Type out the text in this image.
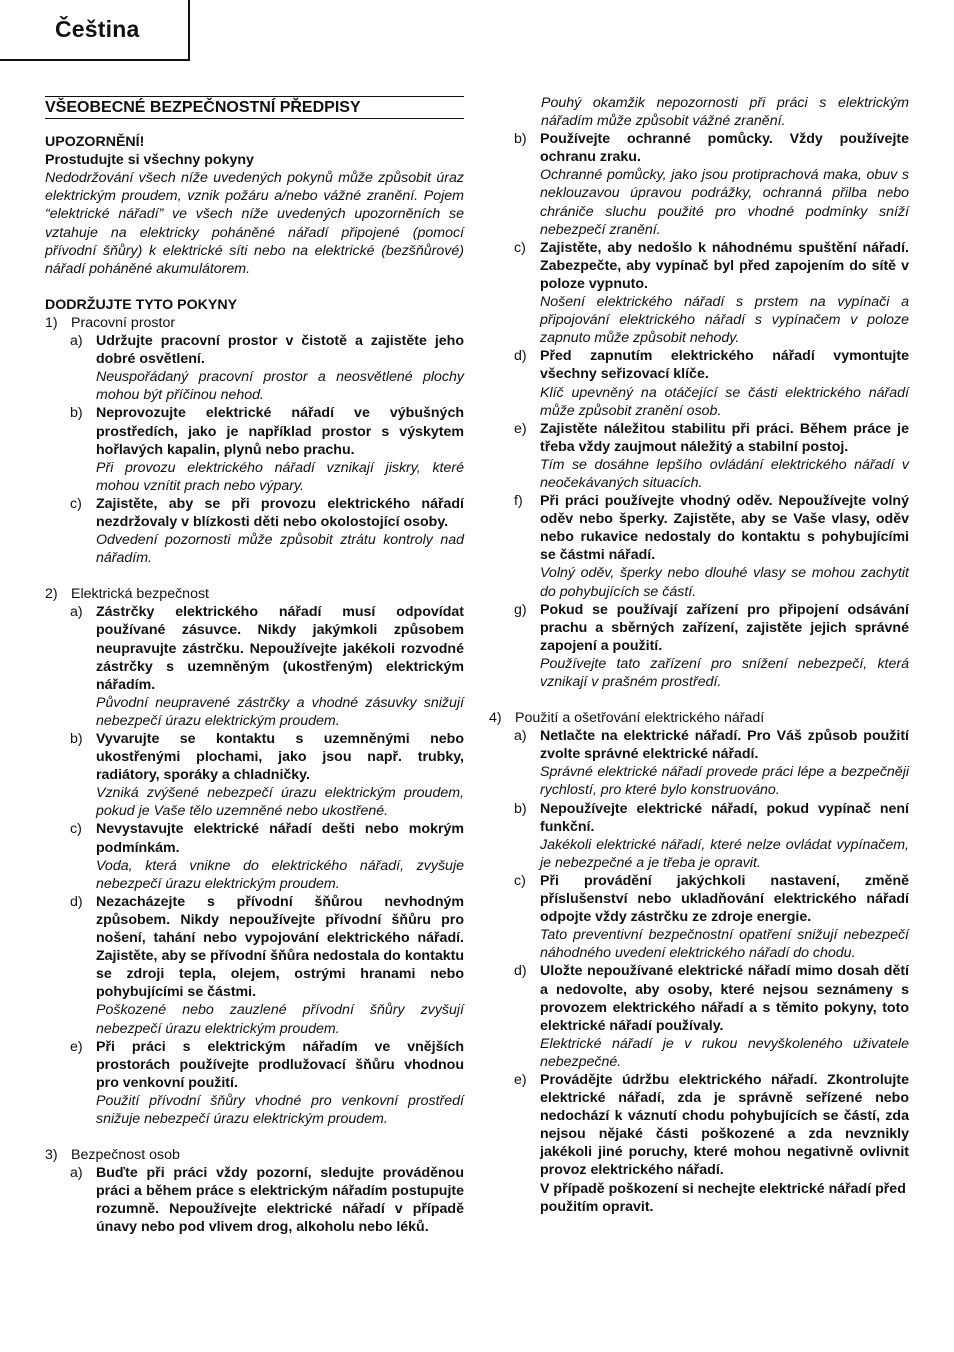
Čeština
VŠEOBECNÉ BEZPEČNOSTNÍ PŘEDPISY
UPOZORNĚNÍ!
Prostudujte si všechny pokyny
Nedodržování všech níže uvedených pokynů může způsobit úraz elektrickým proudem, vznik požáru a/nebo vážné zranění. Pojem “elektrické nářadí” ve všech níže uvedených upozorněních se vztahuje na elektricky poháněné nářadí připojené (pomocí přívodní šňůry) k elektrické síti nebo na elektrické (bezšňůrové) nářadí poháněné akumulátorem.
DODRŽUJTE TYTO POKYNY
1) Pracovní prostor
a) Udržujte pracovní prostor v čistotě a zajistěte jeho dobré osvětlení.
Neuspořádaný pracovní prostor a neosvětlené plochy mohou být příčinou nehod.
b) Neprovozujte elektrické nářadí ve výbušných prostředích, jako je například prostor s výskytem hořlavých kapalin, plynů nebo prachu.
Při provozu elektrického nářadí vznikají jiskry, které mohou vznítit prach nebo výpary.
c) Zajistěte, aby se při provozu elektrického nářadí nezdržovaly v blízkosti děti nebo okolostojící osoby.
Odvedení pozornosti může způsobit ztrátu kontroly nad nářadím.
2) Elektrická bezpečnost
a) Zástrčky elektrického nářadí musí odpovídat používané zásuvce. Nikdy jakýmkoli způsobem neupravujte zástrčku. Nepoužívejte jakékoli rozvodné zástrčky s uzemněným (ukostřeným) elektrickým nářadím.
Původní neupravené zástrčky a vhodné zásuvky snižují nebezpečí úrazu elektrickým proudem.
b) Vyvarujte se kontaktu s uzemněnými nebo ukostřenými plochami, jako jsou např. trubky, radiátory, sporáky a chladničky.
Vzniká zvýšené nebezpečí úrazu elektrickým proudem, pokud je Vaše tělo uzemněné nebo ukostřené.
c) Nevystavujte elektrické nářadí dešti nebo mokrým podmínkám.
Voda, která vnikne do elektrického nářadí, zvyšuje nebezpečí úrazu elektrickým proudem.
d) Nezacházejte s přívodní šňůrou nevhodným způsobem. Nikdy nepoužívejte přívodní šňůru pro nošení, tahání nebo vypojování elektrického nářadí. Zajistěte, aby se přívodní šňůra nedostala do kontaktu se zdroji tepla, olejem, ostrými hranami nebo pohybujícími se částmi.
Poškozené nebo zauzlené přívodní šňůry zvyšují nebezpečí úrazu elektrickým proudem.
e) Při práci s elektrickým nářadím ve vnějších prostorách používejte prodlužovací šňůru vhodnou pro venkovní použití.
Použití přívodní šňůry vhodné pro venkovní prostředí snižuje nebezpečí úrazu elektrickým proudem.
3) Bezpečnost osob
a) Buďte při práci vždy pozorní, sledujte prováděnou práci a během práce s elektrickým nářadím postupujte rozumně. Nepoužívejte elektrické nářadí v případě únavy nebo pod vlivem drog, alkoholu nebo léků.
Pouhý okamžik nepozornosti při práci s elektrickým nářadím může způsobit vážné zranění.
b) Používejte ochranné pomůcky. Vždy používejte ochranu zraku.
Ochranné pomůcky, jako jsou protiprachová maka, obuv s neklouzavou úpravou podrážky, ochranná přilba nebo chrániče sluchu použité pro vhodné podmínky sníží nebezpečí zranění.
c) Zajistěte, aby nedošlo k náhodnému spuštění nářadí. Zabezpečte, aby vypínač byl před zapojením do sítě v poloze vypnuto.
Nošení elektrického nářadí s prstem na vypínači a připojování elektrického nářadí s vypínačem v poloze zapnuto může způsobit nehody.
d) Před zapnutím elektrického nářadí vymontujte všechny seřizovací klíče.
Klíč upevněný na otáčející se části elektrického nářadí může způsobit zranění osob.
e) Zajistěte náležitou stabilitu při práci. Během práce je třeba vždy zaujmout náležitý a stabilní postoj.
Tím se dosáhne lepšího ovládání elektrického nářadí v neočekávaných situacích.
f)	Při práci používejte vhodný oděv. Nepoužívejte volný oděv nebo šperky. Zajistěte, aby se Vaše vlasy, oděv nebo rukavice nedostaly do kontaktu s pohybujícími se částmi nářadí.
Volný oděv, šperky nebo dlouhé vlasy se mohou zachytit do pohybujících se částí.
g) Pokud se používají zařízení pro připojení odsávání prachu a sběrných zařízení, zajistěte jejich správné zapojení a použití.
Používejte tato zařízení pro snížení nebezpečí, která vznikají v prašném prostředí.
4) Použití a ošetřování elektrického nářadí
a) Netlačte na elektrické nářadí. Pro Váš způsob použití zvolte správné elektrické nářadí.
Správné elektrické nářadí provede práci lépe a bezpečněji rychlostí, pro které bylo konstruováno.
b) Nepoužívejte elektrické nářadí, pokud vypínač není funkční.
Jakékoli elektrické nářadí, které nelze ovládat vypínačem, je nebezpečné a je třeba je opravit.
c) Při provádění jakýchkoli nastavení, změně příslušenství nebo ukladňování elektrického nářadí odpojte vždy zástrčku ze zdroje energie.
Tato preventivní bezpečnostní opatření snižují nebezpečí náhodného uvedení elektrického nářadí do chodu.
d) Uložte nepoužívané elektrické nářadí mimo dosah dětí a nedovolte, aby osoby, které nejsou seznámeny s provozem elektrického nářadí a s těmito pokyny, toto elektrické nářadí používaly.
Elektrické nářadí je v rukou nevyškoleného uživatele nebezpečné.
e) Provádějte údržbu elektrického nářadí. Zkontrolujte elektrické nářadí, zda je správně seřízené nebo nedochází k váznutí chodu pohybujících se částí, zda nejsou nějaké části poškozené a zda nevznikly jakékoli jiné poruchy, které mohou negativně ovlivnit provoz elektrického nářadí.
V případě poškození si nechejte elektrické nářadí před použitím opravit.
